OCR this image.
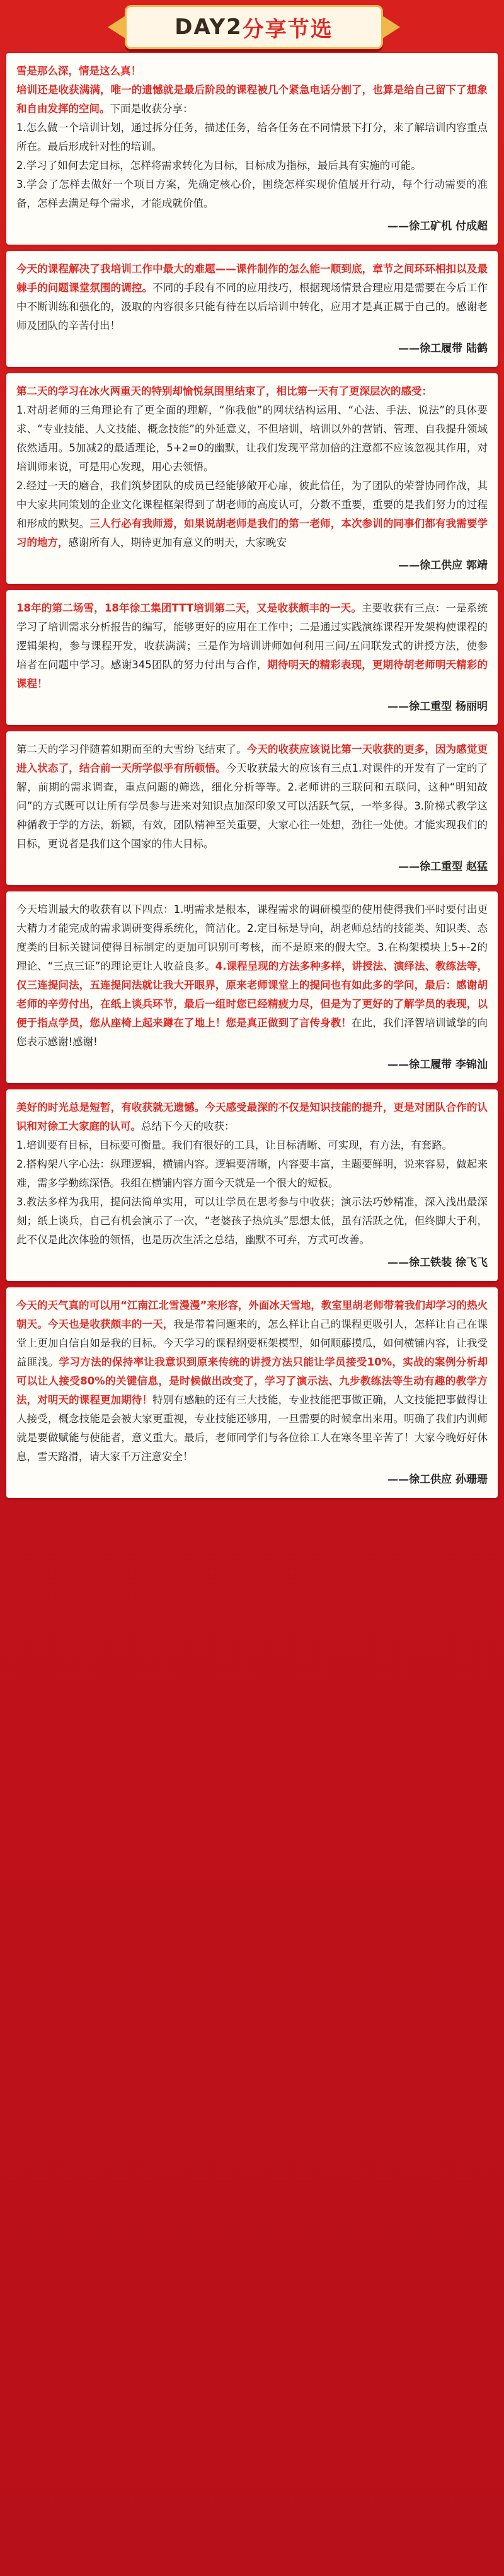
DAY2 分享节选

雪是那么深，情是这么真！
培训还是收获满满，唯一的遗憾就是最后阶段的课程被几个紧急电话分割了，也算是给自己留下了想象和自由发挥的空间。下面是收获分享：

1.怎么做一个培训计划，通过拆分任务，描述任务，给各任务在不同情景下打分，来了解培训内容重点所在。最后形成针对性的培训。

2.学习了如何去定目标，怎样将需求转化为目标，目标成为指标，最后具有实施的可能。

3.学会了怎样去做好一个项目方案，先确定核心价，围绕怎样实现价值展开行动，每个行动需要的准备，怎样去满足每个需求，才能成就价值。

——徐工矿机 付成超

今天的课程解决了我培训工作中最大的难题——课件制作的怎么能一顺到底，章节之间环环相扣以及最棘手的问题课堂氛围的调控。不同的手段有不同的应用技巧，根据现场情景合理应用是需要在今后工作中不断训练和强化的，汲取的内容很多只能有待在以后培训中转化，应用才是真正属于自己的。感谢老师及团队的辛苦付出！

——徐工履带 陆鹤

第二天的学习在冰火两重天的特别却愉悦氛围里结束了，相比第一天有了更深层次的感受：

1.对胡老师的三角理论有了更全面的理解，“你我他”的网状结构运用、“心法、手法、说法”的具体要求、“专业技能、人文技能、概念技能”的外延意义，不但培训，培训以外的营销、管理、自我提升领域依然适用。5加减2的最适理论，5+2=0的幽默，让我们发现平常加倍的注意都不应该忽视其作用，对培训师来说，可是用心发现，用心去领悟。

2.经过一天的磨合，我们筑梦团队的成员已经能够敞开心扉，彼此信任，为了团队的荣誉协同作战，其中大家共同策划的企业文化课程框架得到了胡老师的高度认可，分数不重要，重要的是我们努力的过程和形成的默契。三人行必有我师焉，如果说胡老师是我们的第一老师，本次参训的同事们都有我需要学习的地方，感谢所有人，期待更加有意义的明天，大家晚安

——徐工供应 郭靖

18年的第二场雪，18年徐工集团TTT培训第二天，又是收获颇丰的一天。主要收获有三点：一是系统学习了培训需求分析报告的编写，能够更好的应用在工作中；二是通过实践演练课程开发架构使课程的逻辑架构，参与课程开发，收获满满；三是作为培训讲师如何利用三问/五问联发式的讲授方法，使参培者在问题中学习。感谢345团队的努力付出与合作，期待明天的精彩表现，更期待胡老师明天精彩的课程！

——徐工重型 杨丽明

第二天的学习伴随着如期而至的大雪纷飞结束了。今天的收获应该说比第一天收获的更多，因为感觉更进入状态了，结合前一天所学似乎有所顿悟。今天收获最大的应该有三点1.对课件的开发有了一定的了解，前期的需求调查，重点问题的筛选，细化分析等等。2.老师讲的三联问和五联问，这种“明知故问”的方式既可以让所有学员参与进来对知识点加深印象又可以活跃气氛，一举多得。3.阶梯式教学这种循教于学的方法，新颖，有效，团队精神至关重要，大家心往一处想，劲往一处使。才能实现我们的目标，更说者是我们这个国家的伟大目标。

——徐工重型 赵猛

今天培训最大的收获有以下四点：1.明需求是根本，课程需求的调研模型的使用使得我们平时要付出更大精力才能完成的需求调研变得系统化，简洁化。2.定目标是导向，胡老师总结的技能类、知识类、态度类的目标关键词使得目标制定的更加可识别可考核，而不是原来的假大空。3.在构架模块上5+-2的理论、“三点三证”的理论更让人收益良多。4.课程呈现的方法多种多样，讲授法、演绎法、教练法等，仅三连提问法，五连提问法就让我大开眼界，原来老师课堂上的提问也有如此多的学问，最后：感谢胡老师的辛劳付出，在纸上谈兵环节，最后一组时您已经精疲力尽，但是为了更好的了解学员的表现，以便于指点学员，您从座椅上起来蹲在了地上！您是真正做到了言传身教！在此，我们泽智培训诚挚的向您表示感谢!感谢!

——徐工履带 李锦汕

美好的时光总是短暂，有收获就无遗憾。今天感受最深的不仅是知识技能的提升，更是对团队合作的认识和对徐工大家庭的认可。总结下今天的收获：

1.培训要有目标，目标要可衡量。我们有很好的工具，让目标清晰、可实现，有方法，有套路。

2.搭构架八字心法：纵理逻辑，横铺内容。逻辑要清晰，内容要丰富，主题要鲜明，说来容易，做起来难，需多学勤练深悟。我组在横铺内容方面今天就是一个很大的短板。

3.教法多样为我用，提问法简单实用，可以让学员在思考参与中收获；演示法巧妙精准，深入浅出最深刻；纸上谈兵，自己有机会演示了一次，“老婆孩子热炕头”思想太低，虽有活跃之优，但终脚大于利，此不仅是此次体验的领悟，也是历次生活之总结，幽默不可弃，方式可改善。

——徐工铁装 徐飞飞

今天的天气真的可以用“江南江北雪漫漫”来形容，外面冰天雪地，教室里胡老师带着我们却学习的热火朝天。今天也是收获颇丰的一天，我是带着问题来的，怎么样让自己的课程更吸引人，怎样让自己在课堂上更加自信自如是我的目标。今天学习的课程纲要框架模型，如何顺藤摸瓜，如何横铺内容，让我受益匪浅。学习方法的保持率让我意识到原来传统的讲授方法只能让学员接受10%，实战的案例分析却可以让人接受80%的关键信息，是时候做出改变了，学习了演示法、九步教练法等生动有趣的教学方法，对明天的课程更加期待！特别有感触的还有三大技能，专业技能把事做正确，人文技能把事做得让人接受，概念技能是会被大家更重视，专业技能还够用，一旦需要的时候拿出来用。明确了我们内训师就是要做赋能与使能者，意义重大。最后，老师同学们与各位徐工人在寒冬里辛苦了！大家今晚好好休息，雪天路滑，请大家千万注意安全！

——徐工供应 孙珊珊
